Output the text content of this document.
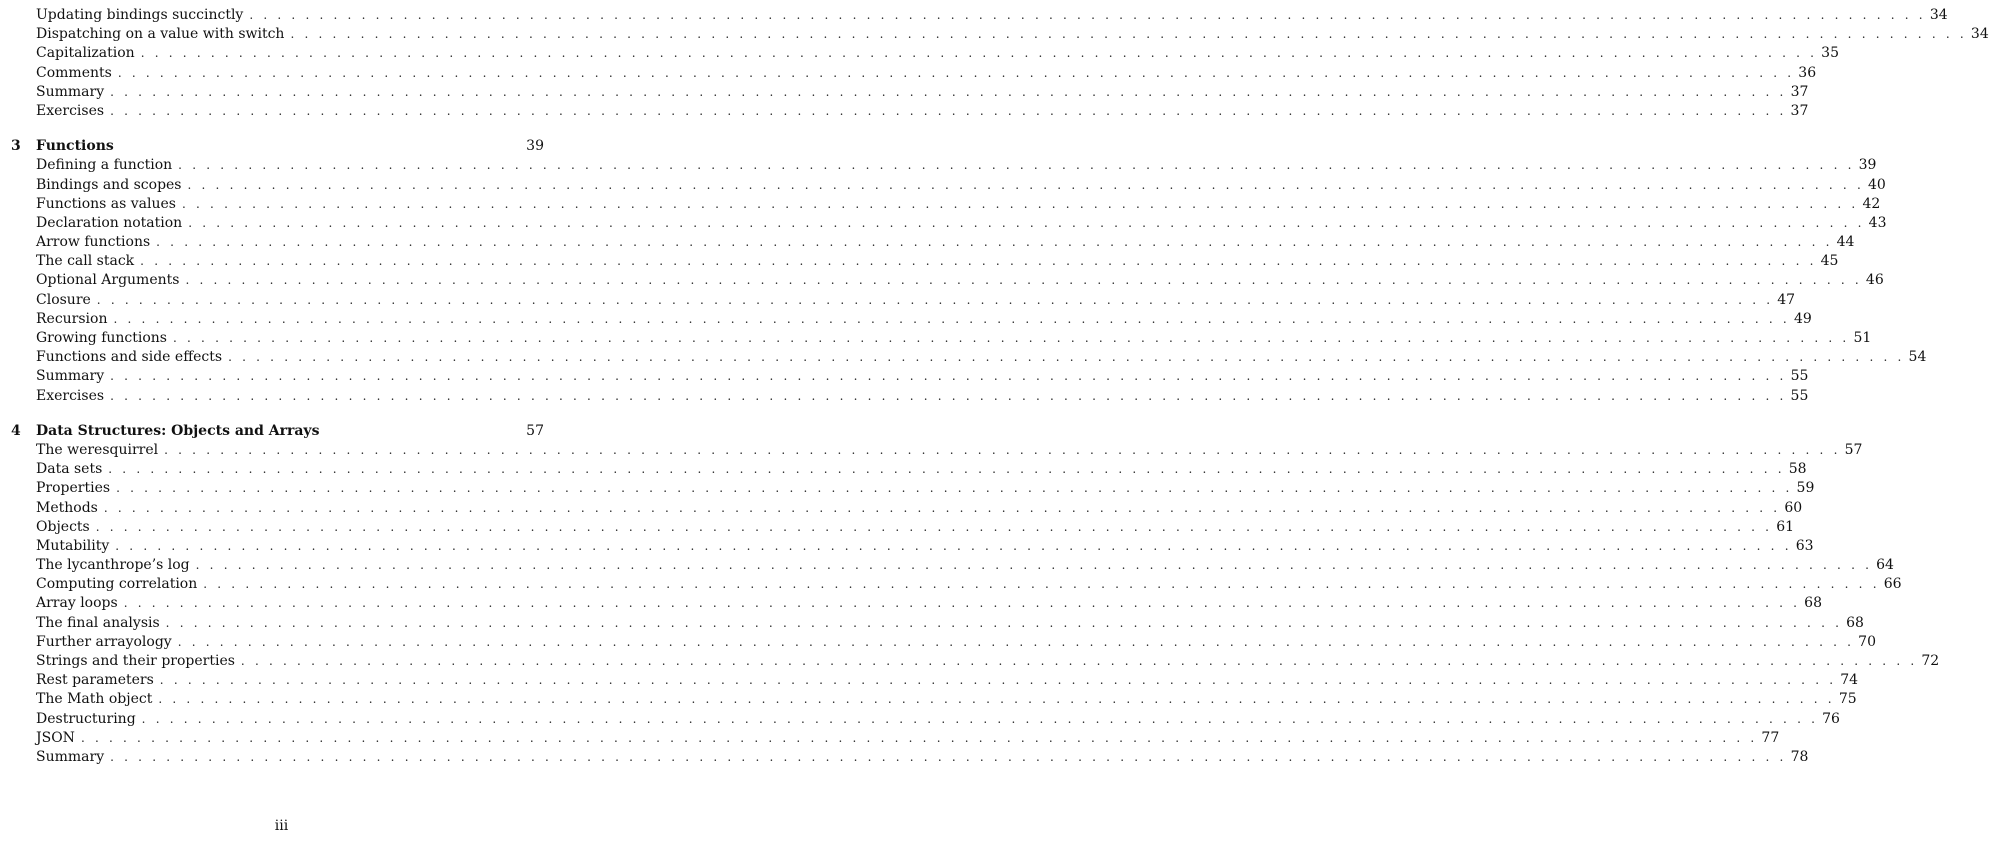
Updating bindings succinctly . . . . . . . . . . . . . . . . . . . . . . . . . . . . . . . . . . . . . . . . . . . . . . . . . . . . . . . . . . . . . . . . . . . . . . . . . . . . . . . . . . . . . . . . . . . . . . . . . . . . . . . . . . . . . . . . . . . . . . . . 34
Dispatching on a value with switch . . . . . . . . . . . . . . . . . . . . . . . . . . . . . . . . . . . . . . . . . . . . . . . . . . . . . . . . . . . . . . . . . . . . . . . . . . . . . . . . . . . . . . . . . . . . . . . . . . . . . . . . . . . . . . . . . . . . . . . . 34
Capitalization . . . . . . . . . . . . . . . . . . . . . . . . . . . . . . . . . . . . . . . . . . . . . . . . . . . . . . . . . . . . . . . . . . . . . . . . . . . . . . . . . . . . . . . . . . . . . . . . . . . . . . . . . . . . . . . . . . . . . . . . 35
Comments . . . . . . . . . . . . . . . . . . . . . . . . . . . . . . . . . . . . . . . . . . . . . . . . . . . . . . . . . . . . . . . . . . . . . . . . . . . . . . . . . . . . . . . . . . . . . . . . . . . . . . . . . . . . . . . . . . . . . . . . 36
Summary . . . . . . . . . . . . . . . . . . . . . . . . . . . . . . . . . . . . . . . . . . . . . . . . . . . . . . . . . . . . . . . . . . . . . . . . . . . . . . . . . . . . . . . . . . . . . . . . . . . . . . . . . . . . . . . . . . . . . . . . 37
Exercises . . . . . . . . . . . . . . . . . . . . . . . . . . . . . . . . . . . . . . . . . . . . . . . . . . . . . . . . . . . . . . . . . . . . . . . . . . . . . . . . . . . . . . . . . . . . . . . . . . . . . . . . . . . . . . . . . . . . . . . . 37
3 Functions	39
Defining a function . . . . . . . . . . . . . . . . . . . . . . . . . . . . . . . . . . . . . . . . . . . . . . . . . . . . . . . . . . . . . . . . . . . . . . . . . . . . . . . . . . . . . . . . . . . . . . . . . . . . . . . . . . . . . . . . . . . . . . . . 39
Bindings and scopes . . . . . . . . . . . . . . . . . . . . . . . . . . . . . . . . . . . . . . . . . . . . . . . . . . . . . . . . . . . . . . . . . . . . . . . . . . . . . . . . . . . . . . . . . . . . . . . . . . . . . . . . . . . . . . . . . . . . . . . . 40
Functions as values . . . . . . . . . . . . . . . . . . . . . . . . . . . . . . . . . . . . . . . . . . . . . . . . . . . . . . . . . . . . . . . . . . . . . . . . . . . . . . . . . . . . . . . . . . . . . . . . . . . . . . . . . . . . . . . . . . . . . . . . 42
Declaration notation . . . . . . . . . . . . . . . . . . . . . . . . . . . . . . . . . . . . . . . . . . . . . . . . . . . . . . . . . . . . . . . . . . . . . . . . . . . . . . . . . . . . . . . . . . . . . . . . . . . . . . . . . . . . . . . . . . . . . . . . 43
Arrow functions . . . . . . . . . . . . . . . . . . . . . . . . . . . . . . . . . . . . . . . . . . . . . . . . . . . . . . . . . . . . . . . . . . . . . . . . . . . . . . . . . . . . . . . . . . . . . . . . . . . . . . . . . . . . . . . . . . . . . . . . 44
The call stack . . . . . . . . . . . . . . . . . . . . . . . . . . . . . . . . . . . . . . . . . . . . . . . . . . . . . . . . . . . . . . . . . . . . . . . . . . . . . . . . . . . . . . . . . . . . . . . . . . . . . . . . . . . . . . . . . . . . . . . . 45
Optional Arguments . . . . . . . . . . . . . . . . . . . . . . . . . . . . . . . . . . . . . . . . . . . . . . . . . . . . . . . . . . . . . . . . . . . . . . . . . . . . . . . . . . . . . . . . . . . . . . . . . . . . . . . . . . . . . . . . . . . . . . . . 46
Closure . . . . . . . . . . . . . . . . . . . . . . . . . . . . . . . . . . . . . . . . . . . . . . . . . . . . . . . . . . . . . . . . . . . . . . . . . . . . . . . . . . . . . . . . . . . . . . . . . . . . . . . . . . . . . . . . . . . . . . . . 47
Recursion . . . . . . . . . . . . . . . . . . . . . . . . . . . . . . . . . . . . . . . . . . . . . . . . . . . . . . . . . . . . . . . . . . . . . . . . . . . . . . . . . . . . . . . . . . . . . . . . . . . . . . . . . . . . . . . . . . . . . . . . 49
Growing functions . . . . . . . . . . . . . . . . . . . . . . . . . . . . . . . . . . . . . . . . . . . . . . . . . . . . . . . . . . . . . . . . . . . . . . . . . . . . . . . . . . . . . . . . . . . . . . . . . . . . . . . . . . . . . . . . . . . . . . . . 51
Functions and side effects . . . . . . . . . . . . . . . . . . . . . . . . . . . . . . . . . . . . . . . . . . . . . . . . . . . . . . . . . . . . . . . . . . . . . . . . . . . . . . . . . . . . . . . . . . . . . . . . . . . . . . . . . . . . . . . . . . . . . . . . 54
Summary . . . . . . . . . . . . . . . . . . . . . . . . . . . . . . . . . . . . . . . . . . . . . . . . . . . . . . . . . . . . . . . . . . . . . . . . . . . . . . . . . . . . . . . . . . . . . . . . . . . . . . . . . . . . . . . . . . . . . . . . 55
Exercises . . . . . . . . . . . . . . . . . . . . . . . . . . . . . . . . . . . . . . . . . . . . . . . . . . . . . . . . . . . . . . . . . . . . . . . . . . . . . . . . . . . . . . . . . . . . . . . . . . . . . . . . . . . . . . . . . . . . . . . . 55
4 Data Structures: Objects and Arrays	57
The weresquirrel . . . . . . . . . . . . . . . . . . . . . . . . . . . . . . . . . . . . . . . . . . . . . . . . . . . . . . . . . . . . . . . . . . . . . . . . . . . . . . . . . . . . . . . . . . . . . . . . . . . . . . . . . . . . . . . . . . . . . . . . 57
Data sets . . . . . . . . . . . . . . . . . . . . . . . . . . . . . . . . . . . . . . . . . . . . . . . . . . . . . . . . . . . . . . . . . . . . . . . . . . . . . . . . . . . . . . . . . . . . . . . . . . . . . . . . . . . . . . . . . . . . . . . . 58
Properties . . . . . . . . . . . . . . . . . . . . . . . . . . . . . . . . . . . . . . . . . . . . . . . . . . . . . . . . . . . . . . . . . . . . . . . . . . . . . . . . . . . . . . . . . . . . . . . . . . . . . . . . . . . . . . . . . . . . . . . . 59
Methods . . . . . . . . . . . . . . . . . . . . . . . . . . . . . . . . . . . . . . . . . . . . . . . . . . . . . . . . . . . . . . . . . . . . . . . . . . . . . . . . . . . . . . . . . . . . . . . . . . . . . . . . . . . . . . . . . . . . . . . . 60
Objects . . . . . . . . . . . . . . . . . . . . . . . . . . . . . . . . . . . . . . . . . . . . . . . . . . . . . . . . . . . . . . . . . . . . . . . . . . . . . . . . . . . . . . . . . . . . . . . . . . . . . . . . . . . . . . . . . . . . . . . . 61
Mutability . . . . . . . . . . . . . . . . . . . . . . . . . . . . . . . . . . . . . . . . . . . . . . . . . . . . . . . . . . . . . . . . . . . . . . . . . . . . . . . . . . . . . . . . . . . . . . . . . . . . . . . . . . . . . . . . . . . . . . . . 63
The lycanthrope’s log . . . . . . . . . . . . . . . . . . . . . . . . . . . . . . . . . . . . . . . . . . . . . . . . . . . . . . . . . . . . . . . . . . . . . . . . . . . . . . . . . . . . . . . . . . . . . . . . . . . . . . . . . . . . . . . . . . . . . . . . 64
Computing correlation . . . . . . . . . . . . . . . . . . . . . . . . . . . . . . . . . . . . . . . . . . . . . . . . . . . . . . . . . . . . . . . . . . . . . . . . . . . . . . . . . . . . . . . . . . . . . . . . . . . . . . . . . . . . . . . . . . . . . . . . 66
Array loops . . . . . . . . . . . . . . . . . . . . . . . . . . . . . . . . . . . . . . . . . . . . . . . . . . . . . . . . . . . . . . . . . . . . . . . . . . . . . . . . . . . . . . . . . . . . . . . . . . . . . . . . . . . . . . . . . . . . . . . . 68
The final analysis . . . . . . . . . . . . . . . . . . . . . . . . . . . . . . . . . . . . . . . . . . . . . . . . . . . . . . . . . . . . . . . . . . . . . . . . . . . . . . . . . . . . . . . . . . . . . . . . . . . . . . . . . . . . . . . . . . . . . . . . 68
Further arrayology . . . . . . . . . . . . . . . . . . . . . . . . . . . . . . . . . . . . . . . . . . . . . . . . . . . . . . . . . . . . . . . . . . . . . . . . . . . . . . . . . . . . . . . . . . . . . . . . . . . . . . . . . . . . . . . . . . . . . . . . 70
Strings and their properties . . . . . . . . . . . . . . . . . . . . . . . . . . . . . . . . . . . . . . . . . . . . . . . . . . . . . . . . . . . . . . . . . . . . . . . . . . . . . . . . . . . . . . . . . . . . . . . . . . . . . . . . . . . . . . . . . . . . . . . . 72
Rest parameters . . . . . . . . . . . . . . . . . . . . . . . . . . . . . . . . . . . . . . . . . . . . . . . . . . . . . . . . . . . . . . . . . . . . . . . . . . . . . . . . . . . . . . . . . . . . . . . . . . . . . . . . . . . . . . . . . . . . . . . . 74
The Math object . . . . . . . . . . . . . . . . . . . . . . . . . . . . . . . . . . . . . . . . . . . . . . . . . . . . . . . . . . . . . . . . . . . . . . . . . . . . . . . . . . . . . . . . . . . . . . . . . . . . . . . . . . . . . . . . . . . . . . . . 75
Destructuring . . . . . . . . . . . . . . . . . . . . . . . . . . . . . . . . . . . . . . . . . . . . . . . . . . . . . . . . . . . . . . . . . . . . . . . . . . . . . . . . . . . . . . . . . . . . . . . . . . . . . . . . . . . . . . . . . . . . . . . . 76
JSON . . . . . . . . . . . . . . . . . . . . . . . . . . . . . . . . . . . . . . . . . . . . . . . . . . . . . . . . . . . . . . . . . . . . . . . . . . . . . . . . . . . . . . . . . . . . . . . . . . . . . . . . . . . . . . . . . . . . . . . . 77
Summary . . . . . . . . . . . . . . . . . . . . . . . . . . . . . . . . . . . . . . . . . . . . . . . . . . . . . . . . . . . . . . . . . . . . . . . . . . . . . . . . . . . . . . . . . . . . . . . . . . . . . . . . . . . . . . . . . . . . . . . . 78
iii
